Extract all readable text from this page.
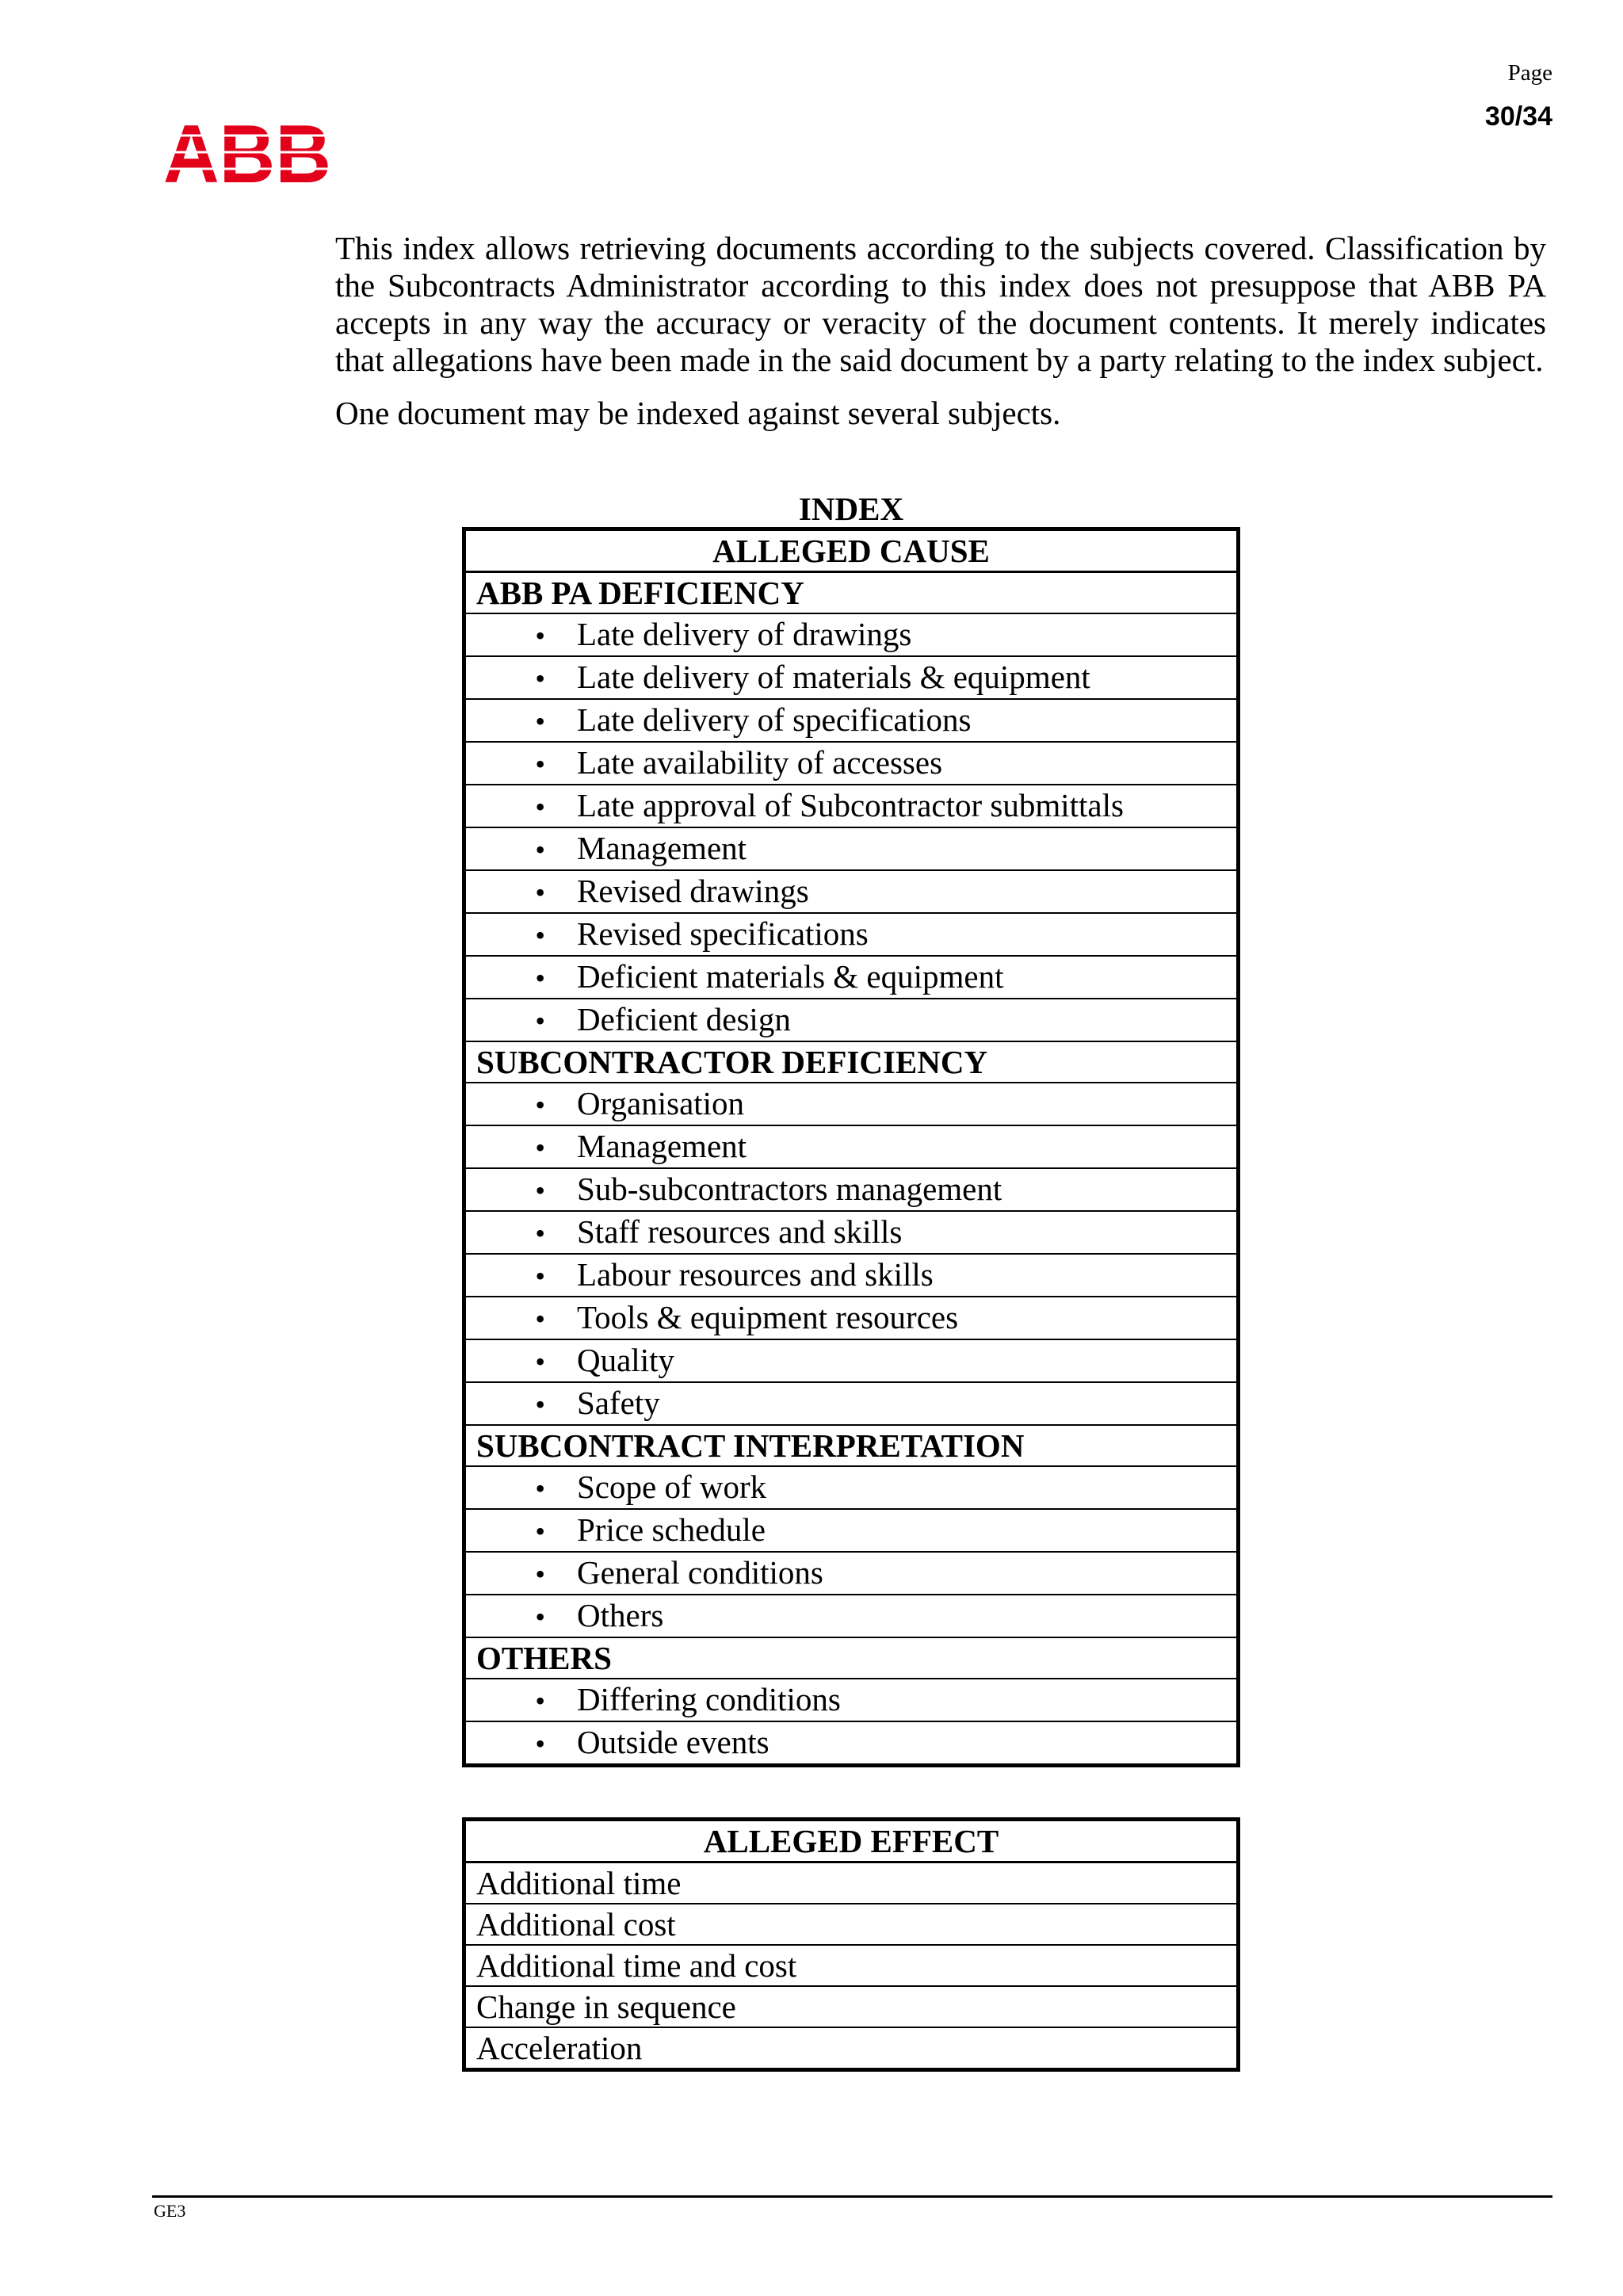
Page
30/34
ABB

This index allows retrieving documents according to the subjects covered. Classification by the Subcontracts Administrator according to this index does not presuppose that ABB PA accepts in any way the accuracy or veracity of the document contents. It merely indicates that allegations have been made in the said document by a party relating to the index subject.

One document may be indexed against several subjects.

INDEX
ALLEGED CAUSE
ABB PA DEFICIENCY
• Late delivery of drawings
• Late delivery of materials & equipment
• Late delivery of specifications
• Late availability of accesses
• Late approval of Subcontractor submittals
• Management
• Revised drawings
• Revised specifications
• Deficient materials & equipment
• Deficient design
SUBCONTRACTOR DEFICIENCY
• Organisation
• Management
• Sub-subcontractors management
• Staff resources and skills
• Labour resources and skills
• Tools & equipment resources
• Quality
• Safety
SUBCONTRACT INTERPRETATION
• Scope of work
• Price schedule
• General conditions
• Others
OTHERS
• Differing conditions
• Outside events
ALLEGED EFFECT
Additional time
Additional cost
Additional time and cost
Change in sequence
Acceleration
GE3
